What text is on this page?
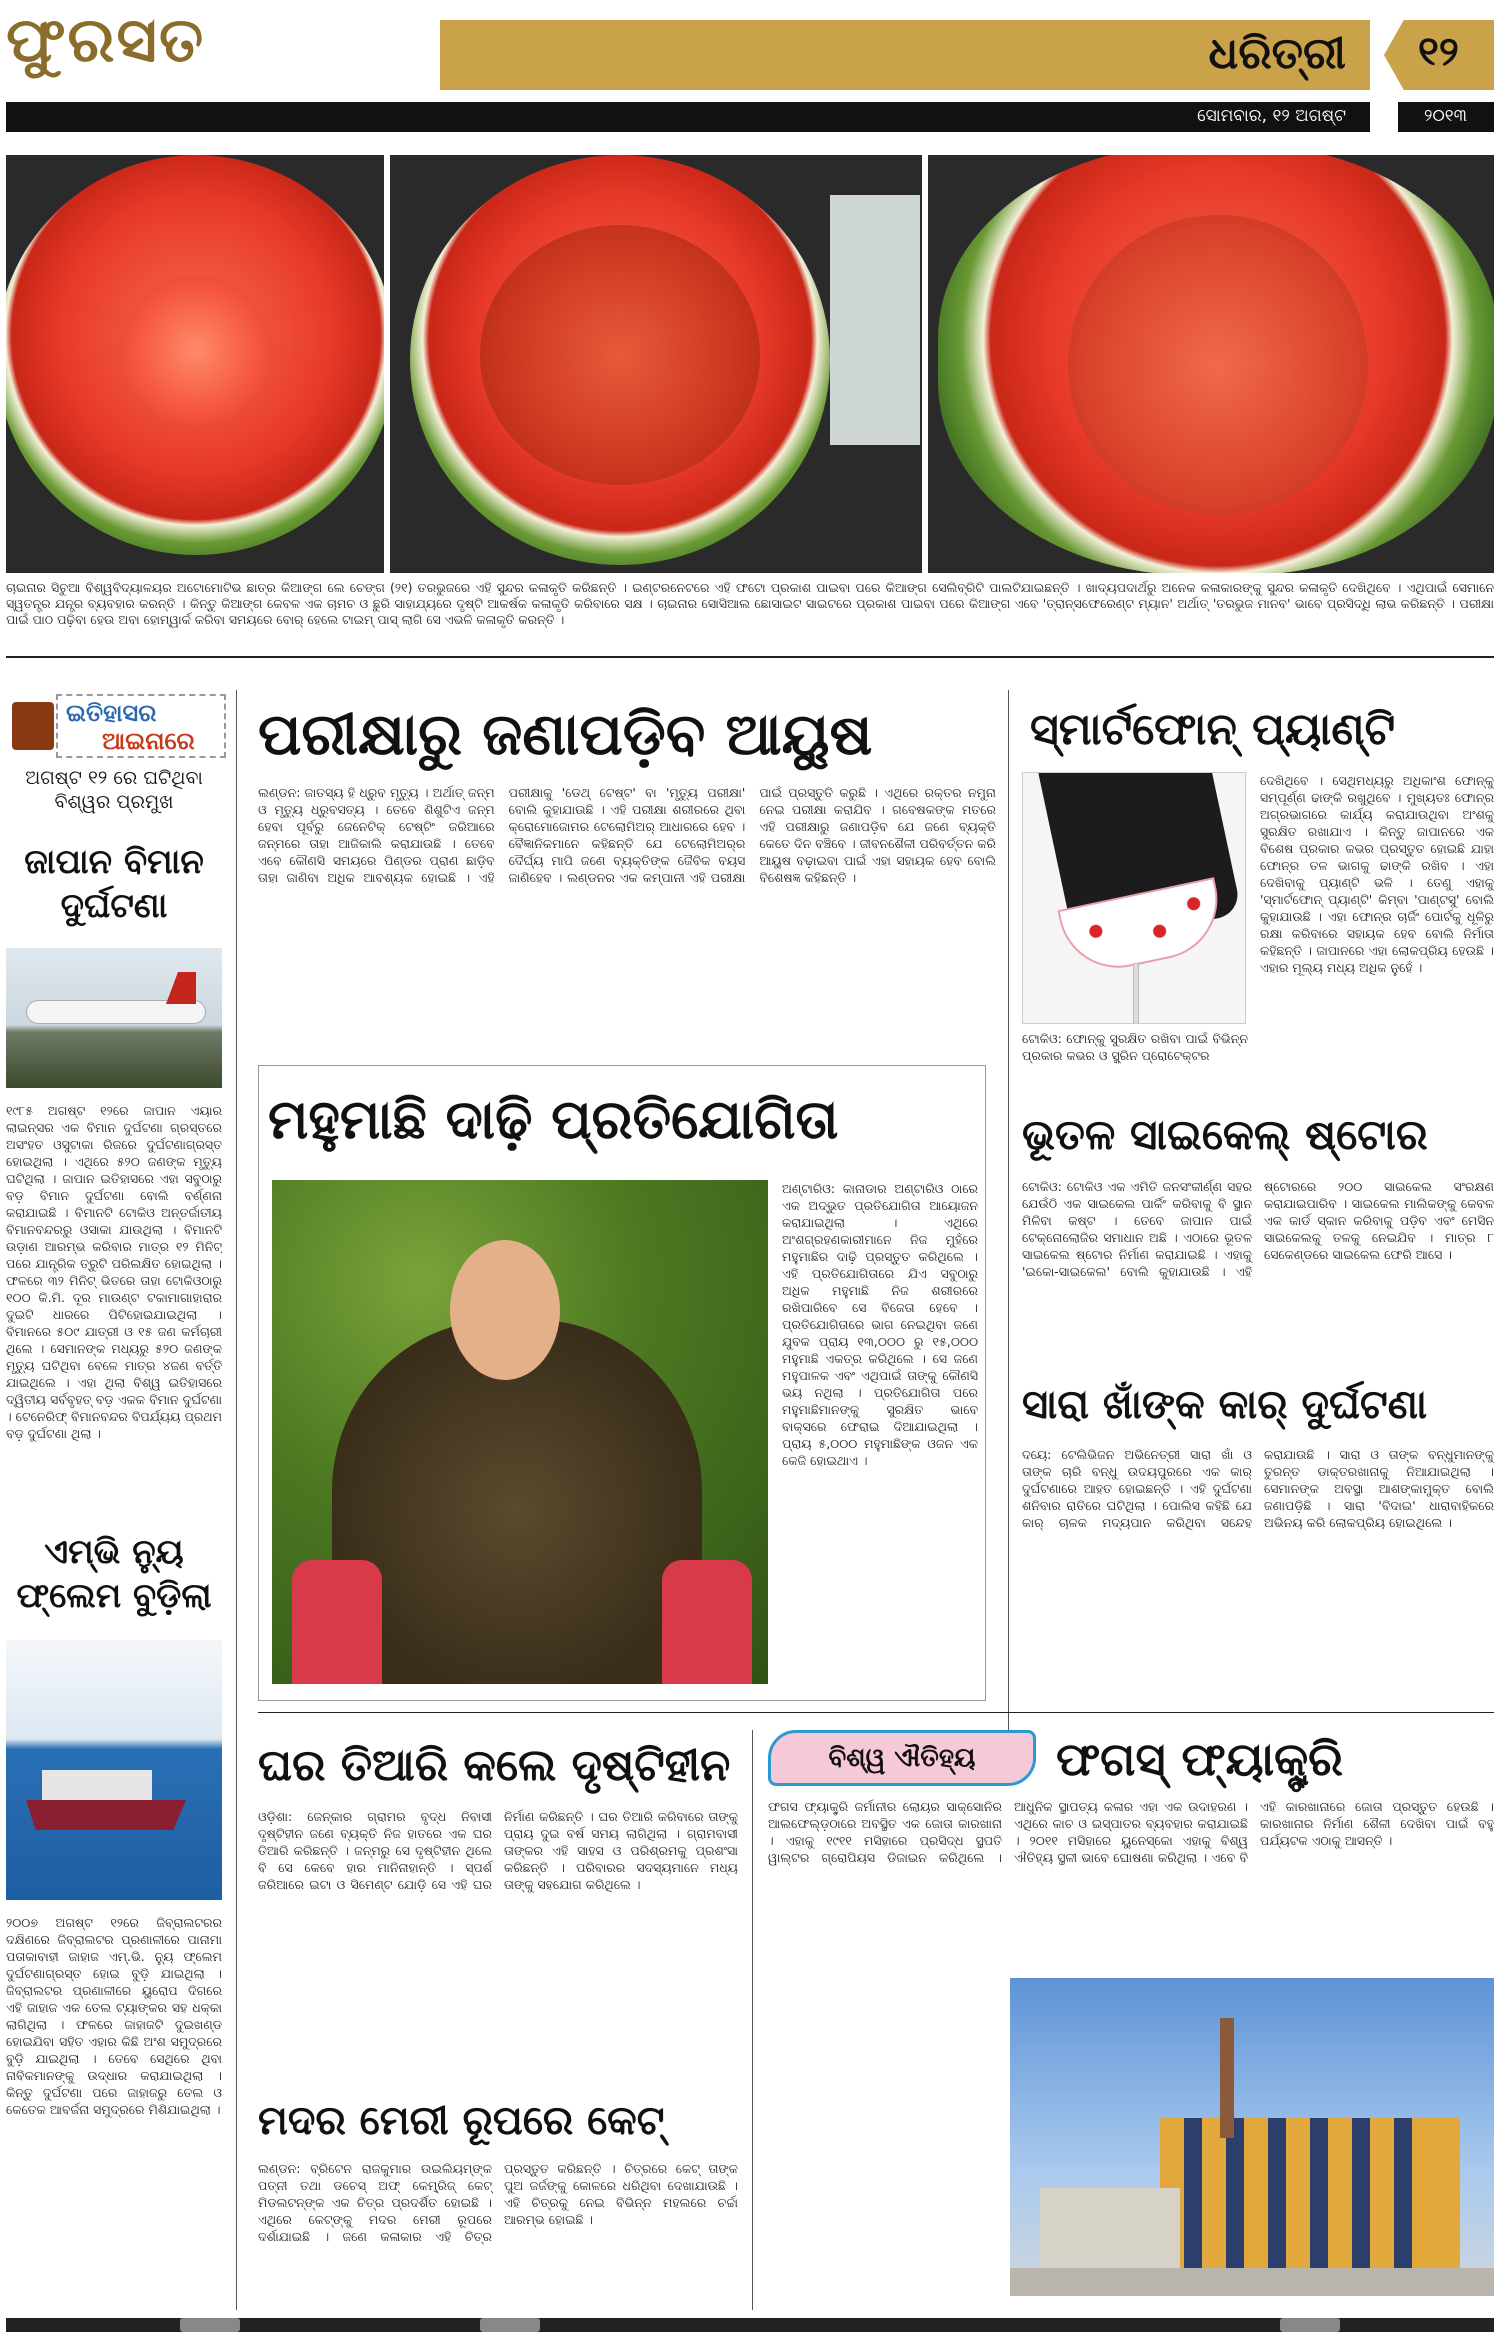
ଫୁରସତ	ଧରିତ୍ରୀ ୧୨
ସୋମବାର, ୧୨ ଅଗଷ୍ଟ	୨୦୧୩
ଚାଇନାର ସିଚୁଆ ବିଶ୍ୱବିଦ୍ୟାଳୟର ଅଟୋମୋଟିଭ ଛାତ୍ର କିଆଙ୍ଗ ଲେ ଚେଙ୍ଗ (୨୧) ତରଭୁଜରେ ଏହି ସୁନ୍ଦର କଳାକୃତି କରିଛନ୍ତି । ଇଣ୍ଟରନେଟରେ ଏହି ଫଟୋ ପ୍ରକାଶ ପାଇବା ପରେ କିଆଙ୍ଗ ସେଲିବ୍ରିଟି ପାଲଟିଯାଇଛନ୍ତି । ଖାଦ୍ୟପଦାର୍ଥରୁ ଅନେକ କଳାକାରଙ୍କୁ ସୁନ୍ଦର କଳାକୃତି ଦେଖିଥିବେ । ଏଥିପାଇଁ ସେମାନେ ସ୍ୱତନ୍ତ୍ର ଯନ୍ତ୍ର ବ୍ୟବହାର କରନ୍ତି । କିନ୍ତୁ କିଆଙ୍ଗ କେବଳ ଏକ ଚାମଚ ଓ ଛୁରି ସାହାଯ୍ୟରେ ଦୃଷ୍ଟି ଆକର୍ଷକ କଳାକୃତି କରିବାରେ ସକ୍ଷ । ଚାଇନାର ସୋସିଆଲ ଛୋସାଇଟ ସାଇଟରେ ପ୍ରକାଶ ପାଇବା ପରେ କିଆଙ୍ଗ ଏବେ 'ତ୍ରାନ୍ସଫେରେଣ୍ଟ ମ୍ୟାନ' ଅର୍ଥାତ୍ 'ତରଭୁଜ ମାନବ' ଭାବେ ପ୍ରସିଦ୍ଧି ଲାଭ କରିଛନ୍ତି । ପରୀକ୍ଷା ପାଇଁ ପାଠ ପଢ଼ିବା ହେଉ ଅବା ହୋମ୍‌ୱାର୍କ କରିବା ସମୟରେ ବୋର୍ ହେଲେ ଟାଇମ୍ ପାସ୍ ଲାଗି ସେ ଏଭଳି କଳାକୃତି କରନ୍ତି ।
ଇତିହାସର
ଆଇନାରେ
ଅଗଷ୍ଟ ୧୨ ରେ ଘଟିଥିବା ବିଶ୍ୱର ପ୍ରମୁଖ
ଜାପାନ ବିମାନ ଦୁର୍ଘଟଣା
୧୯୮୫ ଅଗଷ୍ଟ ୧୨ରେ ଜାପାନ ଏୟାର ଲାଇନ୍ସର ଏକ ବିମାନ ଦୁର୍ଘଟଣା ଗ୍ରସ୍ତରେ ଅସଂହତ ଓସୁଟାକା ରିଜରେ ଦୁର୍ଘଟଣାଗ୍ରସ୍ତ ହୋଇଥିଲା । ଏଥିରେ ୫୨୦ ଜଣଙ୍କ ମୃତ୍ୟୁ ଘଟିଥିଲା । ଜାପାନ ଇତିହାସରେ ଏହା ସବୁଠାରୁ ବଡ଼ ବିମାନ ଦୁର୍ଘଟଣା ବୋଲି ବର୍ଣ୍ଣନା କରାଯାଇଛି । ବିମାନଟି ଟୋକିଓ ଅନ୍ତର୍ଜାତୀୟ ବିମାନବନ୍ଦରରୁ ଓସାକା ଯାଉଥିଲା । ବିମାନଟି ଉଡ଼ାଣ ଆରମ୍ଭ କରିବାର ମାତ୍ର ୧୨ ମିନିଟ୍ ପରେ ଯାନ୍ତ୍ରିକ ତ୍ରୁଟି ପରିଲକ୍ଷିତ ହୋଇଥିଲା । ଫଳରେ ୩୨ ମିନିଟ୍ ଭିତରେ ତାହା ଟୋକିଓଠାରୁ ୧୦୦ କି.ମି. ଦୂର ମାଉଣ୍ଟ ଟକାମାଗାହାରାର ଦୁଇଟି ଧାରରେ ପିଟିହୋଇଯାଇଥିଲା । ବିମାନରେ ୫୦୯ ଯାତ୍ରୀ ଓ ୧୫ ଜଣ କର୍ମଚାରୀ ଥିଲେ । ସେମାନଙ୍କ ମଧ୍ୟରୁ ୫୨୦ ଜଣଙ୍କ ମୃତ୍ୟୁ ଘଟିଥିବା ବେଳେ ମାତ୍ର ୪ଜଣ ବର୍ତ୍ତି ଯାଇଥିଲେ । ଏହା ଥିଲା ବିଶ୍ୱ ଇତିହାସରେ ଦ୍ୱିତୀୟ ସର୍ବବୃହତ୍ ବଡ଼ ଏକକ ବିମାନ ଦୁର୍ଘଟଣା । ଟେନେରିଫ୍ ବିମାନବନ୍ଦର ବିପର୍ଯ୍ୟୟ ପ୍ରଥମ ବଡ଼ ଦୁର୍ଘଟଣା ଥିଲା ।
ଏମ୍‌ଭି ନ୍ୟୁ ଫ୍ଲେମ ବୁଡ଼ିଲା
୨୦୦୭ ଅଗଷ୍ଟ ୧୨ରେ ଜିବ୍ରାଲଟରର ଦକ୍ଷିଣରେ ଜିବ୍ରାଲଟର ପ୍ରଣାଳୀରେ ପାନାମା ପତାକାବାହୀ ଜାହାଜ ଏମ୍.ଭି. ନ୍ୟୁ ଫ୍ଲେମ ଦୁର୍ଘଟଣାଗ୍ରସ୍ତ ହୋଇ ବୁଡ଼ି ଯାଇଥିଲା । ଜିବ୍ରାଲଟର ପ୍ରଣାଳୀରେ ୟୁରୋପ ଦିଗରେ ଏହି ଜାହାଜ ଏକ ତେଲ ଟ୍ୟାଙ୍କର ସହ ଧକ୍କା ଲାଗିଥିଲା । ଫଳରେ ଜାହାଜଟି ଦୁଇଖଣ୍ଡ ହୋଇଯିବା ସହିତ ଏହାର କିଛି ଅଂଶ ସମୁଦ୍ରରେ ବୁଡ଼ି ଯାଇଥିଲା । ତେବେ ସେଥିରେ ଥିବା ନାବିକମାନଙ୍କୁ ଉଦ୍ଧାର କରାଯାଇଥିଲା । କିନ୍ତୁ ଦୁର୍ଘଟଣା ପରେ ଜାହାଜରୁ ତେଲ ଓ କେତେକ ଆବର୍ଜନା ସମୁଦ୍ରରେ ମିଶିଯାଇଥିଲା ।
ପରୀକ୍ଷାରୁ ଜଣାପଡ଼ିବ ଆୟୁଷ
ଲଣ୍ଡନ: ଜାତସ୍ୟ ହି ଧ୍ରୁବ ମୃତ୍ୟୁ । ଅର୍ଥାତ୍ ଜନ୍ମ ଓ ମୃତ୍ୟୁ ଧ୍ରୁବସତ୍ୟ । ତେବେ ଶିଶୁଟିଏ ଜନ୍ମ ହେବା ପୂର୍ବରୁ ଜେନେଟିକ୍ ଟେଷ୍ଟିଂ ଜରିଆରେ ଜନ୍ମରେ ତାହା ଆଜିକାଲି କରାଯାଉଛି । ତେବେ ଏବେ କୌଣସି ସମୟରେ ପିଣ୍ଡର ପ୍ରାଣ ଛାଡ଼ିବ ତାହା ଜାଣିବା ଅଧିକ ଆବଶ୍ୟକ ହୋଇଛି । ଏହି ପରୀକ୍ଷାକୁ 'ଡେଥ୍ ଟେଷ୍ଟ' ବା 'ମୃତ୍ୟୁ ପରୀକ୍ଷା' ବୋଲି କୁହାଯାଉଛି । ଏହି ପରୀକ୍ଷା ଶରୀରରେ ଥିବା କ୍ରୋମୋଜୋମର ଟେଲୋମିଅର୍ ଆଧାରରେ ହେବ । ବୈଜ୍ଞାନିକମାନେ କହିଛନ୍ତି ଯେ ଟେଲୋମିଅର୍‌ର ଦୈର୍ଘ୍ୟ ମାପି ଜଣେ ବ୍ୟକ୍ତିଙ୍କ ଜୈବିକ ବୟସ ଜାଣିହେବ । ଲଣ୍ଡନର ଏକ କମ୍ପାନୀ ଏହି ପରୀକ୍ଷା ପାଇଁ ପ୍ରସ୍ତୁତି କରୁଛି । ଏଥିରେ ରକ୍ତର ନମୁନା ନେଇ ପରୀକ୍ଷା କରାଯିବ । ଗବେଷକଙ୍କ ମତରେ ଏହି ପରୀକ୍ଷାରୁ ଜଣାପଡ଼ିବ ଯେ ଜଣେ ବ୍ୟକ୍ତି କେତେ ଦିନ ବଞ୍ଚିବେ । ଜୀବନଶୈଳୀ ପରିବର୍ତ୍ତନ କରି ଆୟୁଷ ବଢ଼ାଇବା ପାଇଁ ଏହା ସହାୟକ ହେବ ବୋଲି ବିଶେଷଜ୍ଞ କହିଛନ୍ତି ।
ସ୍ମାର୍ଟଫୋନ୍ ପ୍ୟାଣ୍ଟି
ଟୋକିଓ: ଫୋନ୍‌କୁ ସୁରକ୍ଷିତ ରଖିବା ପାଇଁ ବିଭିନ୍ନ ପ୍ରକାର କଭର ଓ ସ୍କ୍ରିନ ପ୍ରୋଟେକ୍ଟର
ଦେଖିଥିବେ । ସେଥିମଧ୍ୟରୁ ଅଧିକାଂଶ ଫୋନ୍‌କୁ ସମ୍ପୂର୍ଣ୍ଣ ଢାଙ୍କି ରଖୁଥିବେ । ମୁଖ୍ୟତଃ ଫୋନ୍‌ର ଅଗ୍ରଭାଗରେ କାର୍ଯ୍ୟ କରାଯାଉଥିବା ଅଂଶକୁ ସୁରକ୍ଷିତ ରଖାଯାଏ । କିନ୍ତୁ ଜାପାନରେ ଏକ ବିଶେଷ ପ୍ରକାର କଭର ପ୍ରସ୍ତୁତ ହୋଇଛି ଯାହା ଫୋନ୍‌ର ତଳ ଭାଗକୁ ଢାଙ୍କି ରଖିବ । ଏହା ଦେଖିବାକୁ ପ୍ୟାଣ୍ଟି ଭଳି । ତେଣୁ ଏହାକୁ 'ସ୍ମାର୍ଟଫୋନ୍ ପ୍ୟାଣ୍ଟି' କିମ୍ବା 'ପାଣ୍ଟସୁ' ବୋଲି କୁହାଯାଉଛି । ଏହା ଫୋନ୍‌ର ଚାର୍ଜିଂ ପୋର୍ଟକୁ ଧୂଳିରୁ ରକ୍ଷା କରିବାରେ ସହାୟକ ହେବ ବୋଲି ନିର୍ମାତା କହିଛନ୍ତି । ଜାପାନରେ ଏହା ଲୋକପ୍ରିୟ ହେଉଛି । ଏହାର ମୂଲ୍ୟ ମଧ୍ୟ ଅଧିକ ନୁହେଁ ।
ମହୁମାଛି ଦାଢ଼ି ପ୍ରତିଯୋଗିତା
ଅଣ୍ଟାରିଓ: କାନାଡାର ଅଣ୍ଟାରିଓ ଠାରେ ଏକ ଅଦ୍ଭୁତ ପ୍ରତିଯୋଗିତା ଆୟୋଜନ କରାଯାଇଥିଲା । ଏଥିରେ ଅଂଶଗ୍ରହଣକାରୀମାନେ ନିଜ ମୁହଁରେ ମହୁମାଛିର ଦାଢ଼ି ପ୍ରସ୍ତୁତ କରିଥିଲେ । ଏହି ପ୍ରତିଯୋଗିତାରେ ଯିଏ ସବୁଠାରୁ ଅଧିକ ମହୁମାଛି ନିଜ ଶରୀରରେ ରଖିପାରିବେ ସେ ବିଜେତା ହେବେ । ପ୍ରତିଯୋଗିତାରେ ଭାଗ ନେଇଥିବା ଜଣେ ଯୁବକ ପ୍ରାୟ ୧୩,୦୦୦ ରୁ ୧୫,୦୦୦ ମହୁମାଛି ଏକତ୍ର କରିଥିଲେ । ସେ ଜଣେ ମହୁପାଳକ ଏବଂ ଏଥିପାଇଁ ତାଙ୍କୁ କୌଣସି ଭୟ ନଥିଲା । ପ୍ରତିଯୋଗିତା ପରେ ମହୁମାଛିମାନଙ୍କୁ ସୁରକ୍ଷିତ ଭାବେ ବାକ୍ସରେ ଫେରାଇ ଦିଆଯାଇଥିଲା । ପ୍ରାୟ ୫,୦୦୦ ମହୁମାଛିଙ୍କ ଓଜନ ଏକ କେଜି ହୋଇଥାଏ ।
ଭୂତଳ ସାଇକେଲ୍ ଷ୍ଟୋର
ଟୋକିଓ: ଟୋକିଓ ଏକ ଏମିତି ଜନସଂକୀର୍ଣ୍ଣ ସହର ଯେଉଁଠି ଏକ ସାଇକେଲ ପାର୍କିଂ କରିବାକୁ ବି ସ୍ଥାନ ମିଳିବା କଷ୍ଟ । ତେବେ ଜାପାନ ପାଇଁ ଟେକ୍ନୋଲୋଜିର ସମାଧାନ ଅଛି । ଏଠାରେ ଭୂତଳ ସାଇକେଲ ଷ୍ଟୋର ନିର୍ମାଣ କରାଯାଇଛି । ଏହାକୁ 'ଇକୋ-ସାଇକେଲ' ବୋଲି କୁହାଯାଉଛି । ଏହି ଷ୍ଟୋରରେ ୨୦୦ ସାଇକେଲ ସଂରକ୍ଷଣ କରାଯାଇପାରିବ । ସାଇକେଲ ମାଲିକଙ୍କୁ କେବଳ ଏକ କାର୍ଡ ସ୍କାନ କରିବାକୁ ପଡ଼ିବ ଏବଂ ମେସିନ ସାଇକେଲକୁ ତଳକୁ ନେଇଯିବ । ମାତ୍ର ୮ ସେକେଣ୍ଡରେ ସାଇକେଲ ଫେରି ଆସେ ।
ସାରା ଖାଁଙ୍କ କାର୍ ଦୁର୍ଘଟଣା
ଦୟେ: ଟେଲିଭିଜନ ଅଭିନେତ୍ରୀ ସାରା ଖାଁ ଓ ତାଙ୍କ ଚାରି ବନ୍ଧୁ ଉଦୟପୁରରେ ଏକ କାର୍ ଦୁର୍ଘଟଣାରେ ଆହତ ହୋଇଛନ୍ତି । ଏହି ଦୁର୍ଘଟଣା ଶନିବାର ରାତିରେ ଘଟିଥିଲା । ପୋଲିସ କହିଛି ଯେ କାର୍ ଚାଳକ ମଦ୍ୟପାନ କରିଥିବା ସନ୍ଦେହ କରାଯାଉଛି । ସାରା ଓ ତାଙ୍କ ବନ୍ଧୁମାନଙ୍କୁ ତୁରନ୍ତ ଡାକ୍ତରଖାନାକୁ ନିଆଯାଇଥିଲା । ସେମାନଙ୍କ ଅବସ୍ଥା ଆଶଙ୍କାମୁକ୍ତ ବୋଲି ଜଣାପଡ଼ିଛି । ସାରା 'ବିଦାଇ' ଧାରାବାହିକରେ ଅଭିନୟ କରି ଲୋକପ୍ରିୟ ହୋଇଥିଲେ ।
ଘର ତିଆରି କଲେ ଦୃଷ୍ଟିହୀନ
ଓଡ଼ିଶା: ଜେନ୍କାର ଗ୍ରାମର ବୃଦ୍ଧ ନିବାସୀ ଦୃଷ୍ଟିହୀନ ଜଣେ ବ୍ୟକ୍ତି ନିଜ ହାତରେ ଏକ ଘର ତିଆରି କରିଛନ୍ତି । ଜନ୍ମରୁ ସେ ଦୃଷ୍ଟିହୀନ ଥିଲେ ବି ସେ କେବେ ହାର ମାନିନାହାନ୍ତି । ସ୍ପର୍ଶ ଜରିଆରେ ଇଟା ଓ ସିମେଣ୍ଟ ଯୋଡ଼ି ସେ ଏହି ଘର ନିର୍ମାଣ କରିଛନ୍ତି । ଘର ତିଆରି କରିବାରେ ତାଙ୍କୁ ପ୍ରାୟ ଦୁଇ ବର୍ଷ ସମୟ ଲାଗିଥିଲା । ଗ୍ରାମବାସୀ ତାଙ୍କର ଏହି ସାହସ ଓ ପରିଶ୍ରମକୁ ପ୍ରଶଂସା କରିଛନ୍ତି । ପରିବାରର ସଦସ୍ୟମାନେ ମଧ୍ୟ ତାଙ୍କୁ ସହଯୋଗ କରିଥିଲେ ।
ମଦର ମେରୀ ରୂପରେ କେଟ୍
ଲଣ୍ଡନ: ବ୍ରିଟେନ ରାଜକୁମାର ଉଇଲିୟମ୍‌ଙ୍କ ପତ୍ନୀ ତଥା ଡଚେସ୍ ଅଫ୍ କେମ୍ବ୍ରିଜ୍ କେଟ୍ ମିଡଲଟନ୍‌ଙ୍କ ଏକ ଚିତ୍ର ପ୍ରଦର୍ଶିତ ହୋଇଛି । ଏଥିରେ କେଟ୍‌ଙ୍କୁ ମଦର ମେରୀ ରୂପରେ ଦର୍ଶାଯାଇଛି । ଜଣେ କଳାକାର ଏହି ଚିତ୍ର ପ୍ରସ୍ତୁତ କରିଛନ୍ତି । ଚିତ୍ରରେ କେଟ୍ ତାଙ୍କ ପୁଅ ଜର୍ଜଙ୍କୁ କୋଳରେ ଧରିଥିବା ଦେଖାଯାଉଛି । ଏହି ଚିତ୍ରକୁ ନେଇ ବିଭିନ୍ନ ମହଲରେ ଚର୍ଚ୍ଚା ଆରମ୍ଭ ହୋଇଛି ।
ବିଶ୍ୱ ଐତିହ୍ୟ	ଫଗସ୍ ଫ୍ୟାକ୍ଟ୍ରି
ଫଗସ ଫ୍ୟାକ୍ଟ୍ରି ଜର୍ମାନୀର ଲୋୟର ସାକ୍ସୋନିର ଆଲଫେଲ୍‌ଡ଼ଠାରେ ଅବସ୍ଥିତ ଏକ ଜୋତା କାରଖାନା । ଏହାକୁ ୧୯୧୧ ମସିହାରେ ପ୍ରସିଦ୍ଧ ସ୍ଥପତି ୱାଲ୍ଟର ଗ୍ରୋପିୟସ ଡିଜାଇନ କରିଥିଲେ । ଆଧୁନିକ ସ୍ଥାପତ୍ୟ କଳାର ଏହା ଏକ ଉଦାହରଣ । ଏଥିରେ କାଚ ଓ ଇସ୍ପାତର ବ୍ୟବହାର କରାଯାଇଛି । ୨୦୧୧ ମସିହାରେ ୟୁନେସ୍କୋ ଏହାକୁ ବିଶ୍ୱ ଐତିହ୍ୟ ସ୍ଥଳୀ ଭାବେ ଘୋଷଣା କରିଥିଲା । ଏବେ ବି ଏହି କାରଖାନାରେ ଜୋତା ପ୍ରସ୍ତୁତ ହେଉଛି । କାରଖାନାର ନିର୍ମାଣ ଶୈଳୀ ଦେଖିବା ପାଇଁ ବହୁ ପର୍ଯ୍ୟଟକ ଏଠାକୁ ଆସନ୍ତି ।
